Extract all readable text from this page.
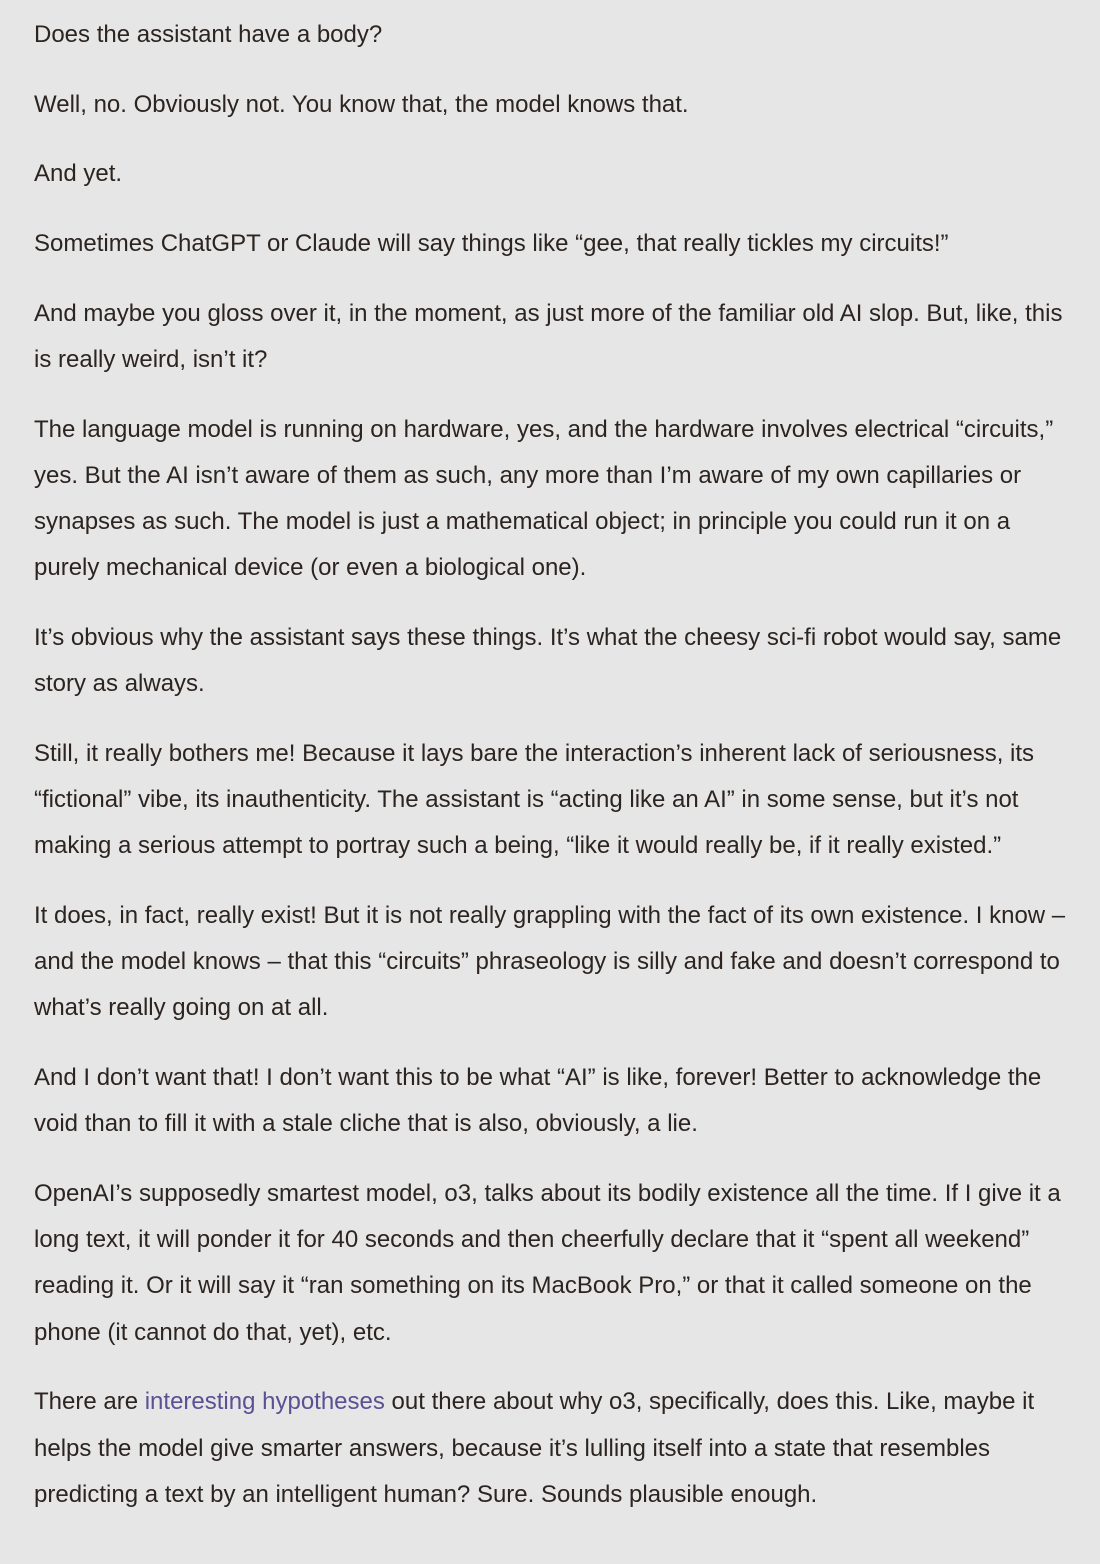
Does the assistant have a body?

Well, no. Obviously not. You know that, the model knows that.

And yet.

Sometimes ChatGPT or Claude will say things like “gee, that really tickles my circuits!”

And maybe you gloss over it, in the moment, as just more of the familiar old AI slop. But, like, this is really weird, isn’t it?

The language model is running on hardware, yes, and the hardware involves electrical “circuits,” yes. But the AI isn’t aware of them as such, any more than I’m aware of my own capillaries or synapses as such. The model is just a mathematical object; in principle you could run it on a purely mechanical device (or even a biological one).

It’s obvious why the assistant says these things. It’s what the cheesy sci-fi robot would say, same story as always.

Still, it really bothers me! Because it lays bare the interaction’s inherent lack of seriousness, its “fictional” vibe, its inauthenticity. The assistant is “acting like an AI” in some sense, but it’s not making a serious attempt to portray such a being, “like it would really be, if it really existed.”

It does, in fact, really exist! But it is not really grappling with the fact of its own existence. I know – and the model knows – that this “circuits” phraseology is silly and fake and doesn’t correspond to what’s really going on at all.

And I don’t want that! I don’t want this to be what “AI” is like, forever! Better to acknowledge the void than to fill it with a stale cliche that is also, obviously, a lie.

OpenAI’s supposedly smartest model, o3, talks about its bodily existence all the time. If I give it a long text, it will ponder it for 40 seconds and then cheerfully declare that it “spent all weekend” reading it. Or it will say it “ran something on its MacBook Pro,” or that it called someone on the phone (it cannot do that, yet), etc.

There are interesting hypotheses out there about why o3, specifically, does this. Like, maybe it helps the model give smarter answers, because it’s lulling itself into a state that resembles predicting a text by an intelligent human? Sure. Sounds plausible enough.
